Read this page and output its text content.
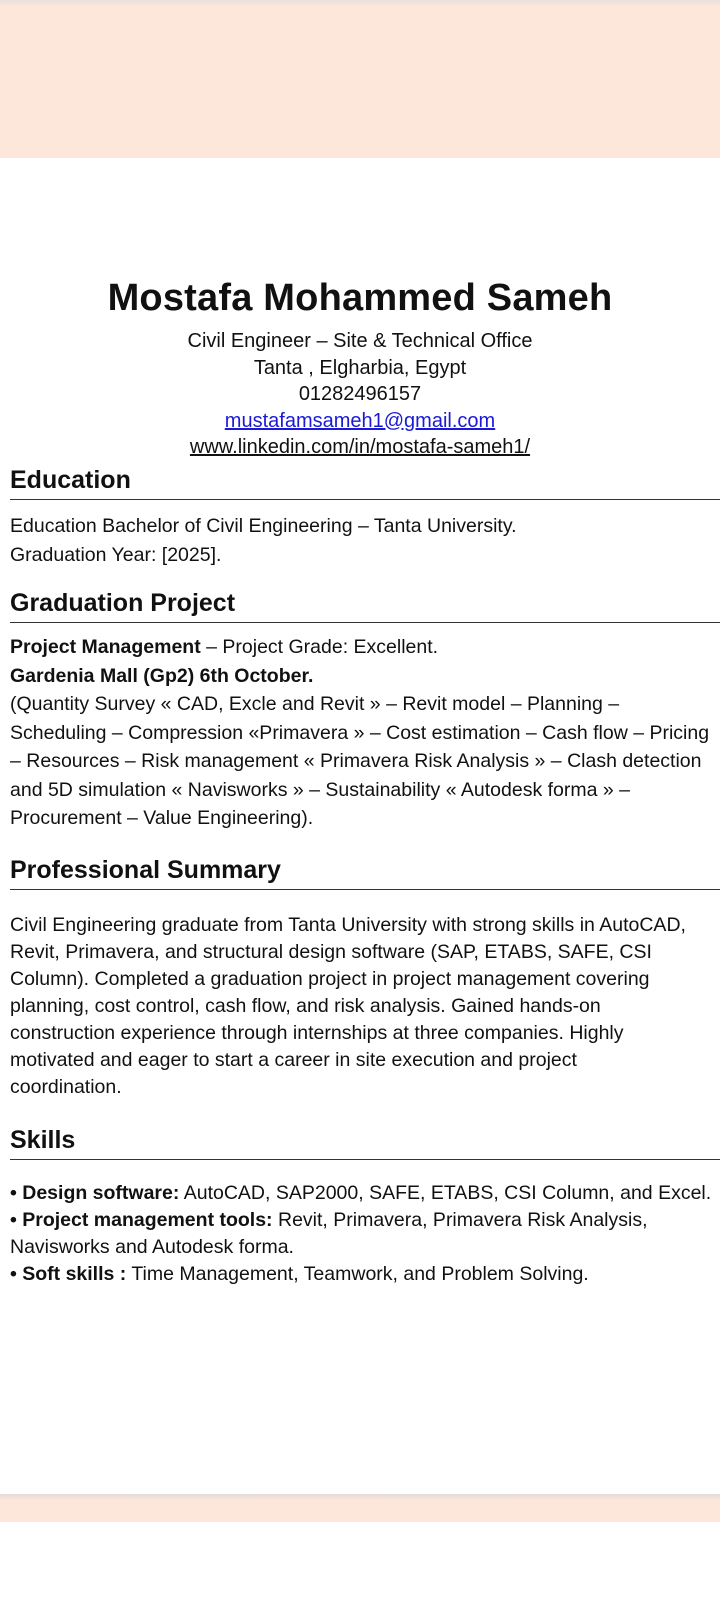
Mostafa Mohammed Sameh

Civil Engineer – Site & Technical Office

Tanta , Elgharbia, Egypt

01282496157

mustafamsameh1@gmail.com

www.linkedin.com/in/mostafa-sameh1/

Education

Education Bachelor of Civil Engineering – Tanta University.

Graduation Year: [2025].

Graduation Project

Project Management – Project Grade: Excellent.

Gardenia Mall (Gp2) 6th October.

(Quantity Survey « CAD, Excle and Revit » – Revit model – Planning –

Scheduling – Compression «Primavera » – Cost estimation – Cash flow – Pricing

– Resources – Risk management « Primavera Risk Analysis » – Clash detection

and 5D simulation « Navisworks » – Sustainability « Autodesk forma » –

Procurement – Value Engineering).

Professional Summary

Civil Engineering graduate from Tanta University with strong skills in AutoCAD,

Revit, Primavera, and structural design software (SAP, ETABS, SAFE, CSI

Column). Completed a graduation project in project management covering

planning, cost control, cash flow, and risk analysis. Gained hands-on

construction experience through internships at three companies. Highly

motivated and eager to start a career in site execution and project

coordination.

Skills

• Design software: AutoCAD, SAP2000, SAFE, ETABS, CSI Column, and Excel.

• Project management tools: Revit, Primavera, Primavera Risk Analysis,

Navisworks and Autodesk forma.

• Soft skills : Time Management, Teamwork, and Problem Solving.
